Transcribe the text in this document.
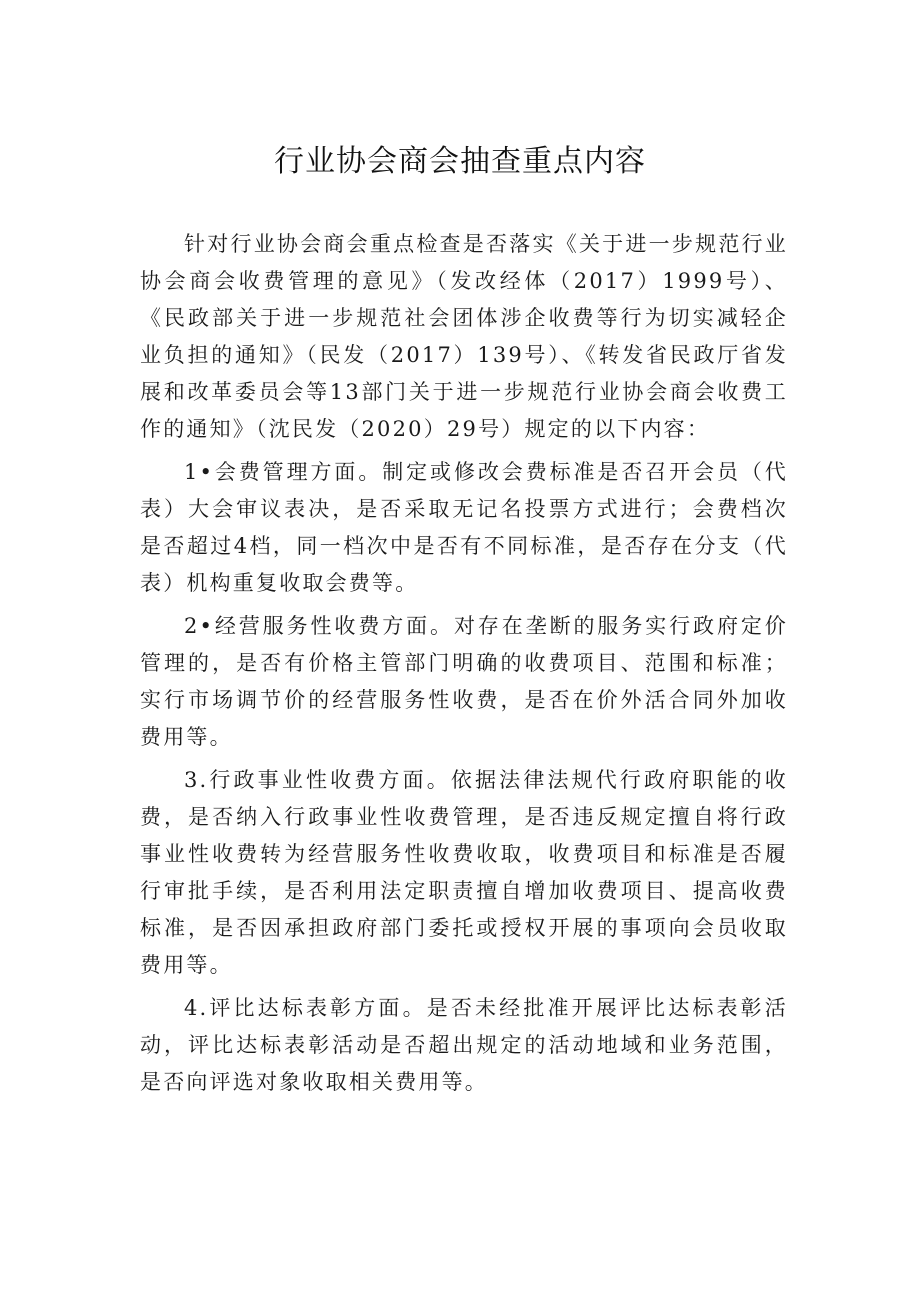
行业协会商会抽查重点内容

针对行业协会商会重点检查是否落实《关于进一步规范行业协会商会收费管理的意见》（发改经体（2017）1999号）、《民政部关于进一步规范社会团体涉企收费等行为切实减轻企业负担的通知》（民发（2017）139号）、《转发省民政厅省发展和改革委员会等13部门关于进一步规范行业协会商会收费工作的通知》（沈民发（2020）29号）规定的以下内容：

1•会费管理方面。制定或修改会费标准是否召开会员（代表）大会审议表决，是否采取无记名投票方式进行；会费档次是否超过4档，同一档次中是否有不同标准，是否存在分支（代表）机构重复收取会费等。

2•经营服务性收费方面。对存在垄断的服务实行政府定价管理的，是否有价格主管部门明确的收费项目、范围和标准；实行市场调节价的经营服务性收费，是否在价外活合同外加收费用等。

3.行政事业性收费方面。依据法律法规代行政府职能的收费，是否纳入行政事业性收费管理，是否违反规定擅自将行政事业性收费转为经营服务性收费收取，收费项目和标准是否履行审批手续，是否利用法定职责擅自增加收费项目、提高收费标准，是否因承担政府部门委托或授权开展的事项向会员收取费用等。

4.评比达标表彰方面。是否未经批准开展评比达标表彰活动，评比达标表彰活动是否超出规定的活动地域和业务范围，是否向评选对象收取相关费用等。
